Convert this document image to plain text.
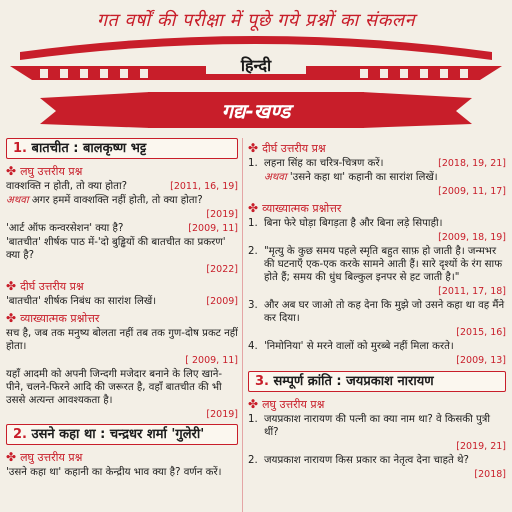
गत वर्षों की परीक्षा में पूछे गये प्रश्नों का संकलन
हिन्दी
गद्य-खण्ड
1. बातचीत : बालकृष्ण भट्ट
✤ लघु उत्तरीय प्रश्न
वाक्शक्ति न होती, तो क्या होता?	[2011, 16, 19]
अथवा अगर हममें वाक्शक्ति नहीं होती, तो क्या होता?
[2019]
'आर्ट ऑफ कन्वरसेशन' क्या है?	[2009, 11]
'बातचीत' शीर्षक पाठ में-'दो बुड्ढियों की बातचीत का प्रकरण' क्या है?
[2022]
✤ दीर्घ उत्तरीय प्रश्न
'बातचीत' शीर्षक निबंध का सारांश लिखें।	[2009]
✤ व्याख्यात्मक प्रश्नोत्तर
सच है, जब तक मनुष्य बोलता नहीं तब तक गुण-दोष प्रकट नहीं होता।
[ 2009, 11]
यहाँ आदमी को अपनी जिन्दगी मजेदार बनाने के लिए खाने-पीने, चलने-फिरने आदि की जरूरत है, वहाँ बातचीत की भी उससे अत्यन्त आवश्यकता है।
[2019]
2. उसने कहा था : चन्द्रधर शर्मा 'गुलेरी'
✤ लघु उत्तरीय प्रश्न
'उसने कहा था' कहानी का केन्द्रीय भाव क्या है? वर्णन करें।
✤ दीर्घ उत्तरीय प्रश्न
1. लहना सिंह का चरित्र-चित्रण करें।	[2018, 19, 21]
अथवा 'उसने कहा था' कहानी का सारांश लिखें।
[2009, 11, 17]
✤ व्याख्यात्मक प्रश्नोत्तर
1. बिना फेरे घोड़ा बिगड़ता है और बिना लड़े सिपाही।
[2009, 18, 19]
2. "मृत्यु के कुछ समय पहले स्मृति बहुत साफ़ हो जाती है। जन्मभर की घटनाएँ एक-एक करके सामने आती हैं। सारे दृश्यों के रंग साफ होते हैं; समय की धुंध बिल्कुल इनपर से हट जाती है।"
[2011, 17, 18]
3. और अब घर जाओ तो कह देना कि मुझे जो उसने कहा था वह मैंने कर दिया।
[2015, 16]
4. 'निमोनिया' से मरने वालों को मुरब्बे नहीं मिला करते।
[2009, 13]
3. सम्पूर्ण क्रांति : जयप्रकाश नारायण
✤ लघु उत्तरीय प्रश्न
1. जयप्रकाश नारायण की पत्नी का क्या नाम था? वे किसकी पुत्री थीं?
[2019, 21]
2. जयप्रकाश नारायण किस प्रकार का नेतृत्व देना चाहते थे?
[2018]
